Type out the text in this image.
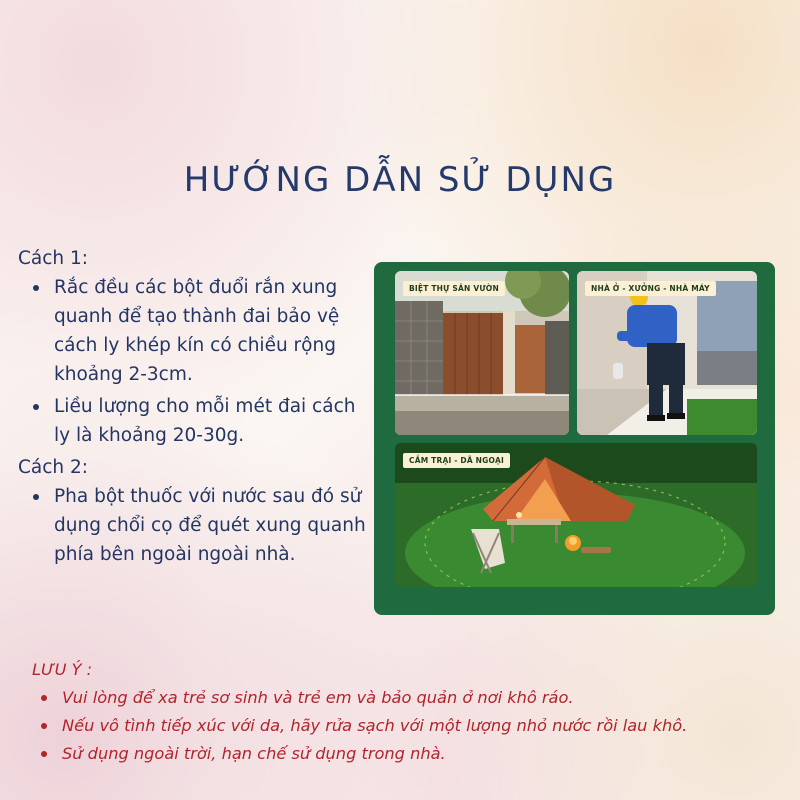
HƯỚNG DẪN SỬ DỤNG

Cách 1:

Rắc đều các bột đuổi rắn xung quanh để tạo thành đai bảo vệ cách ly khép kín có chiều rộng khoảng 2-3cm.
Liều lượng cho mỗi mét đai cách ly là khoảng 20-30g.

Cách 2:

Pha bột thuốc với nước sau đó sử dụng chổi cọ để quét xung quanh phía bên ngoài ngoài nhà.
BIỆT THỰ SÂN VƯỜN	NHÀ Ở - XƯỞNG - NHÀ MÁY
CẮM TRẠI - DÃ NGOẠI

LƯU Ý :

Vui lòng để xa trẻ sơ sinh và trẻ em và bảo quản ở nơi khô ráo.
Nếu vô tình tiếp xúc với da, hãy rửa sạch với một lượng nhỏ nước rồi lau khô.
Sử dụng ngoài trời, hạn chế sử dụng trong nhà.
